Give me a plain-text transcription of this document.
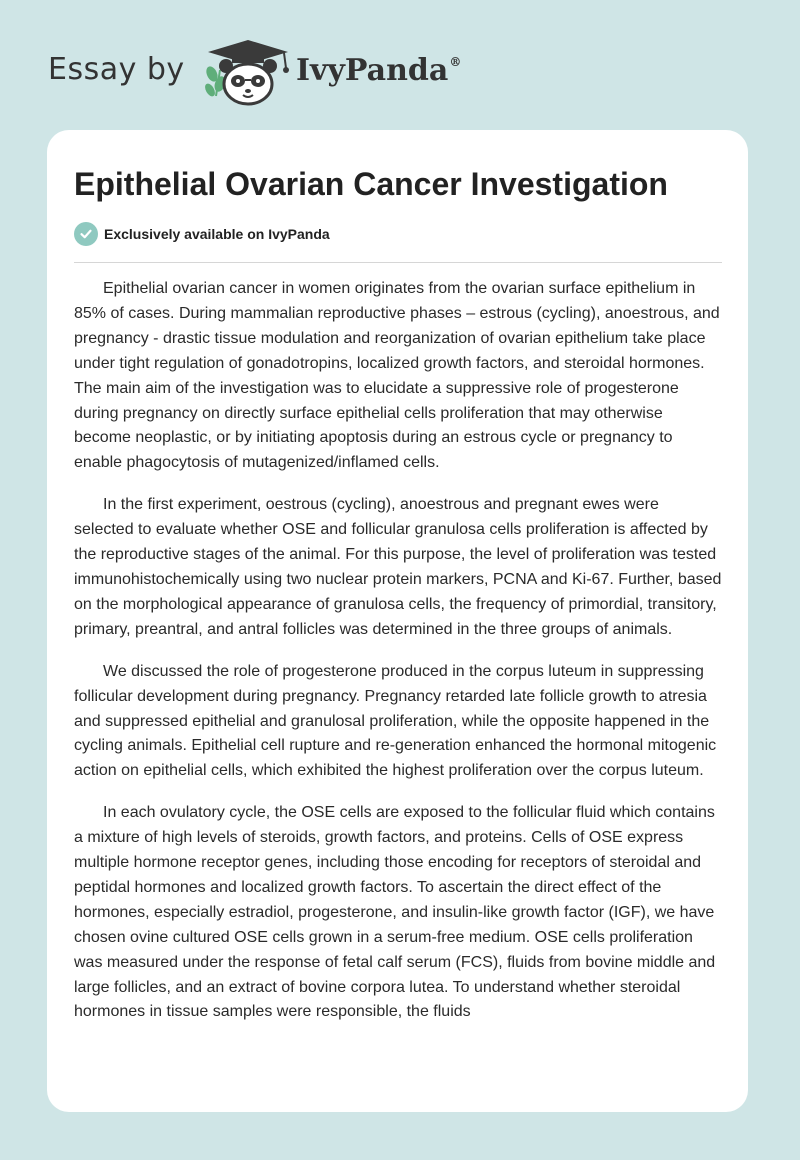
Essay by	IvyPanda®
Epithelial Ovarian Cancer Investigation
Exclusively available on IvyPanda

Epithelial ovarian cancer in women originates from the ovarian surface epithelium in 85% of cases. During mammalian reproductive phases – estrous (cycling), anoestrous, and pregnancy - drastic tissue modulation and reorganization of ovarian epithelium take place under tight regulation of gonadotropins, localized growth factors, and steroidal hormones. The main aim of the investigation was to elucidate a suppressive role of progesterone during pregnancy on directly surface epithelial cells proliferation that may otherwise become neoplastic, or by initiating apoptosis during an estrous cycle or pregnancy to enable phagocytosis of mutagenized/inflamed cells.

In the first experiment, oestrous (cycling), anoestrous and pregnant ewes were selected to evaluate whether OSE and follicular granulosa cells proliferation is affected by the reproductive stages of the animal. For this purpose, the level of proliferation was tested immunohistochemically using two nuclear protein markers, PCNA and Ki-67. Further, based on the morphological appearance of granulosa cells, the frequency of primordial, transitory, primary, preantral, and antral follicles was determined in the three groups of animals.

We discussed the role of progesterone produced in the corpus luteum in suppressing follicular development during pregnancy. Pregnancy retarded late follicle growth to atresia and suppressed epithelial and granulosal proliferation, while the opposite happened in the cycling animals. Epithelial cell rupture and re-generation enhanced the hormonal mitogenic action on epithelial cells, which exhibited the highest proliferation over the corpus luteum.

In each ovulatory cycle, the OSE cells are exposed to the follicular fluid which contains a mixture of high levels of steroids, growth factors, and proteins. Cells of OSE express multiple hormone receptor genes, including those encoding for receptors of steroidal and peptidal hormones and localized growth factors. To ascertain the direct effect of the hormones, especially estradiol, progesterone, and insulin-like growth factor (IGF), we have chosen ovine cultured OSE cells grown in a serum-free medium. OSE cells proliferation was measured under the response of fetal calf serum (FCS), fluids from bovine middle and large follicles, and an extract of bovine corpora lutea. To understand whether steroidal hormones in tissue samples were responsible, the fluids
